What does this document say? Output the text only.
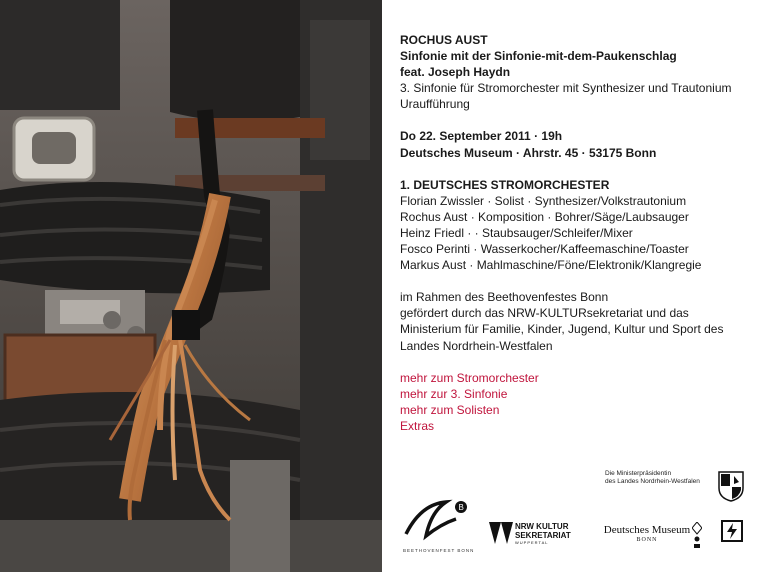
ROCHUS AUST

Sinfonie mit der Sinfonie-mit-dem-Paukenschlag

feat. Joseph Haydn

3. Sinfonie für Stromorchester mit Synthesizer und Trautonium

Uraufführung

Do 22. September 2011 · 19h

Deutsches Museum · Ahrstr. 45 · 53175 Bonn

1. DEUTSCHES STROMORCHESTER

Florian Zwissler · Solist · Synthesizer/Volkstrautonium

Rochus Aust · Komposition · Bohrer/Säge/Laubsauger

Heinz Friedl · · Staubsauger/Schleifer/Mixer

Fosco Perinti · Wasserkocher/Kaffeemaschine/Toaster

Markus Aust · Mahlmaschine/Föne/Elektronik/Klangregie

im Rahmen des Beethovenfestes Bonn

gefördert durch das NRW-KULTURsekretariat und das

Ministerium für Familie, Kinder, Jugend, Kultur und Sport des

Landes Nordrhein-Westfalen

mehr zum Stromorchester

mehr zur 3. Sinfonie

mehr zum Solisten

Extras

Die Ministerpräsidentin
des Landes Nordrhein-Westfalen
B
BEETHOVENFEST BONN
NRW KULTUR
SEKRETARIAT
WUPPERTAL
Deutsches Museum
BONN
